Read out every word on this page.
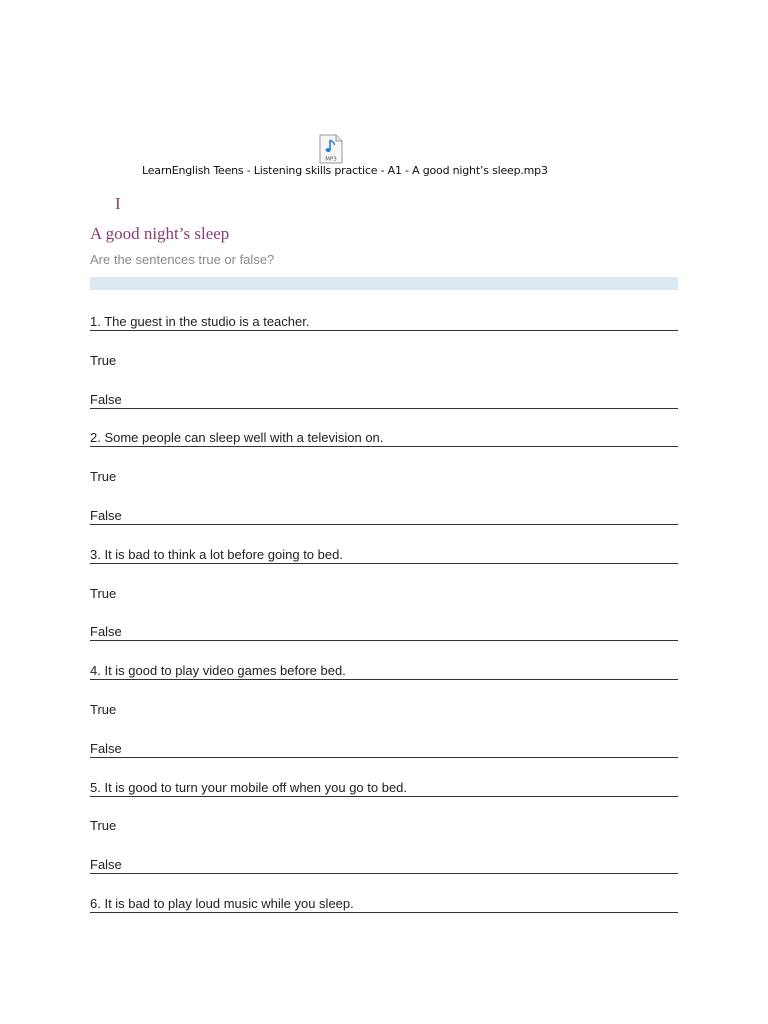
MP3
LearnEnglish Teens - Listening skills practice - A1 - A good night’s sleep.mp3
I
A good night’s sleep
Are the sentences true or false?
1. The guest in the studio is a teacher.
True
False
2. Some people can sleep well with a television on.
True
False
3. It is bad to think a lot before going to bed.
True
False
4. It is good to play video games before bed.
True
False
5. It is good to turn your mobile off when you go to bed.
True
False
6. It is bad to play loud music while you sleep.
